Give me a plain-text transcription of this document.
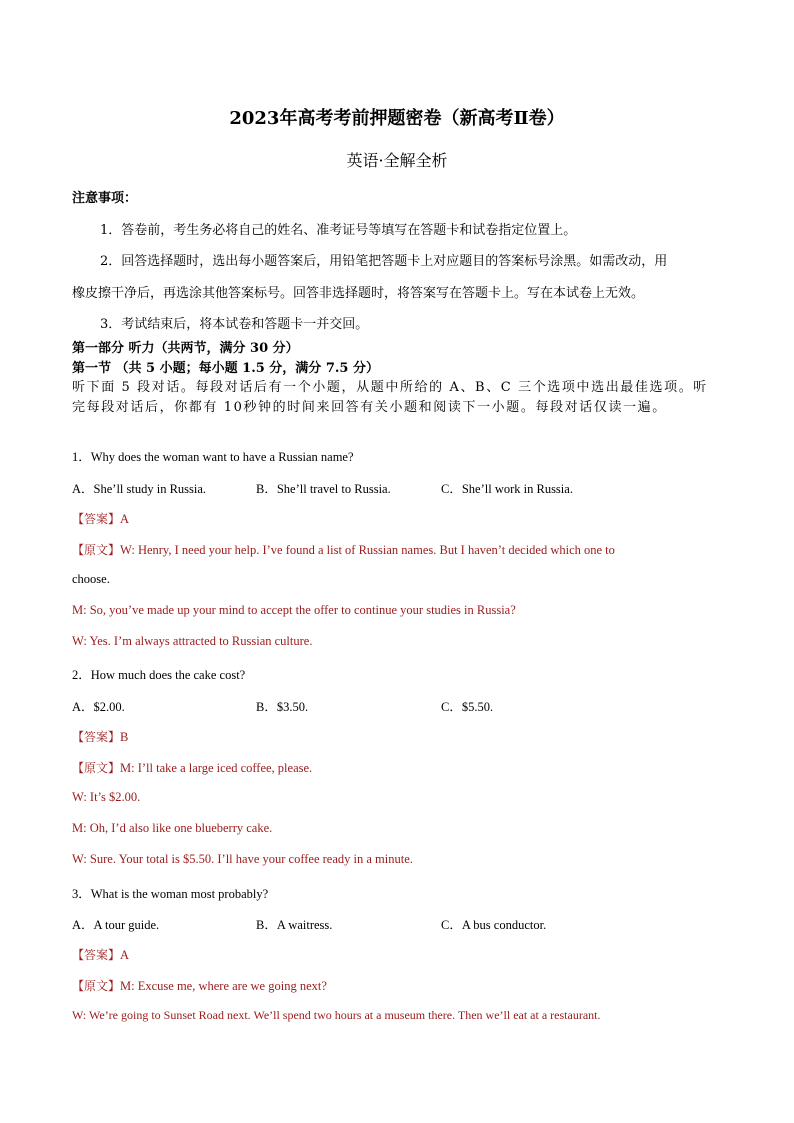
2023年高考考前押题密卷（新高考Ⅱ卷）
英语·全解全析
注意事项：
1．答卷前，考生务必将自己的姓名、准考证号等填写在答题卡和试卷指定位置上。
2．回答选择题时，选出每小题答案后，用铅笔把答题卡上对应题目的答案标号涂黑。如需改动，用
橡皮擦干净后，再选涂其他答案标号。回答非选择题时，将答案写在答题卡上。写在本试卷上无效。
3．考试结束后，将本试卷和答题卡一并交回。
第一部分 听力（共两节，满分 30 分）
第一节 （共 5 小题；每小题 1.5 分，满分 7.5 分）
听下面 5 段对话。每段对话后有一个小题，从题中所给的 A、B、C 三个选项中选出最佳选项。听完每段对话后，你都有 10秒钟的时间来回答有关小题和阅读下一小题。每段对话仅读一遍。
1．Why does the woman want to have a Russian name?
A．She’ll study in Russia.	B．She’ll travel to Russia.	C．She’ll work in Russia.
【答案】A
【原文】W: Henry, I need your help. I’ve found a list of Russian names. But I haven’t decided which one to
choose.
M: So, you’ve made up your mind to accept the offer to continue your studies in Russia?
W: Yes. I’m always attracted to Russian culture.
2．How much does the cake cost?
A．$2.00.	B．$3.50.	C．$5.50.
【答案】B
【原文】M: I’ll take a large iced coffee, please.
W: It’s $2.00.
M: Oh, I’d also like one blueberry cake.
W: Sure. Your total is $5.50. I’ll have your coffee ready in a minute.
3．What is the woman most probably?
A．A tour guide.	B．A waitress.	C．A bus conductor.
【答案】A
【原文】M: Excuse me, where are we going next?
W: We’re going to Sunset Road next. We’ll spend two hours at a museum there. Then we’ll eat at a restaurant.
